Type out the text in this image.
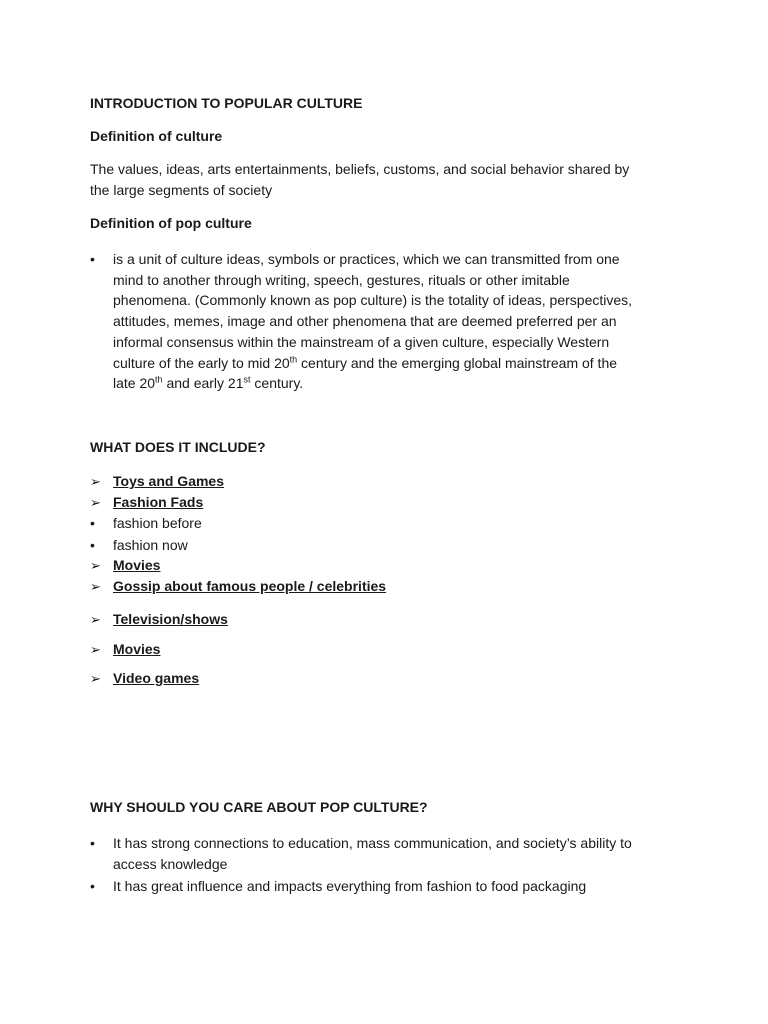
INTRODUCTION TO POPULAR CULTURE
Definition of culture
The values, ideas, arts entertainments, beliefs, customs, and social behavior shared by
the large segments of society
Definition of pop culture
• is a unit of culture ideas, symbols or practices, which we can transmitted from one
mind to another through writing, speech, gestures, rituals or other imitable
phenomena. (Commonly known as pop culture) is the totality of ideas, perspectives,
attitudes, memes, image and other phenomena that are deemed preferred per an
informal consensus within the mainstream of a given culture, especially Western
culture of the early to mid 20th century and the emerging global mainstream of the
late 20th and early 21st century.
WHAT DOES IT INCLUDE?
➢ Toys and Games
➢ Fashion Fads
• fashion before
• fashion now
➢ Movies
➢ Gossip about famous people / celebrities
➢ Television/shows
➢ Movies
➢ Video games
WHY SHOULD YOU CARE ABOUT POP CULTURE?
• It has strong connections to education, mass communication, and society’s ability to
access knowledge
• It has great influence and impacts everything from fashion to food packaging
